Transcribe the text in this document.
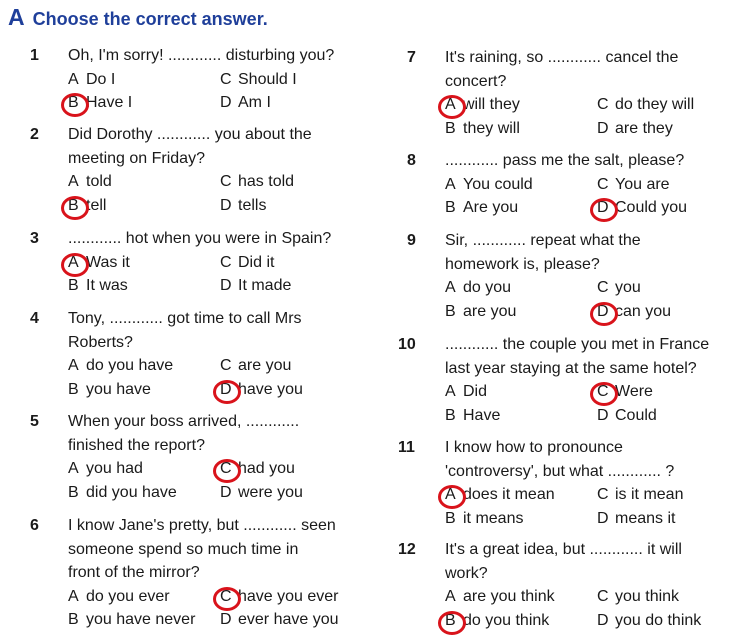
A Choose the correct answer.
1 Oh, I'm sorry! ............ disturbing you?
A Do I	C Should I
B Have I	D Am I
2 Did Dorothy ............ you about the
meeting on Friday?
A told	C has told
B tell	D tells
3 ............ hot when you were in Spain?
A Was it	C Did it
B It was	D It made
4 Tony, ............ got time to call Mrs
Roberts?
A do you have	C are you
B you have	D have you
5 When your boss arrived, ............
finished the report?
A you had	C had you
B did you have	D were you
6 I know Jane's pretty, but ............ seen
someone spend so much time in
front of the mirror?
A do you ever	C have you ever
B you have never D ever have you
7 It's raining, so ............ cancel the
concert?
A will they	C do they will
B they will	D are they
8 ............ pass me the salt, please?
A You could	C You are
B Are you	D Could you
9 Sir, ............ repeat what the
homework is, please?
A do you	C you
B are you	D can you
10 ............ the couple you met in France
last year staying at the same hotel?
A Did	C Were
B Have	D Could
11 I know how to pronounce
'controversy', but what ............ ?
A does it mean	C is it mean
B it means	D means it
12 It's a great idea, but ............ it will
work?
A are you think	C you think
B do you think	D you do think
